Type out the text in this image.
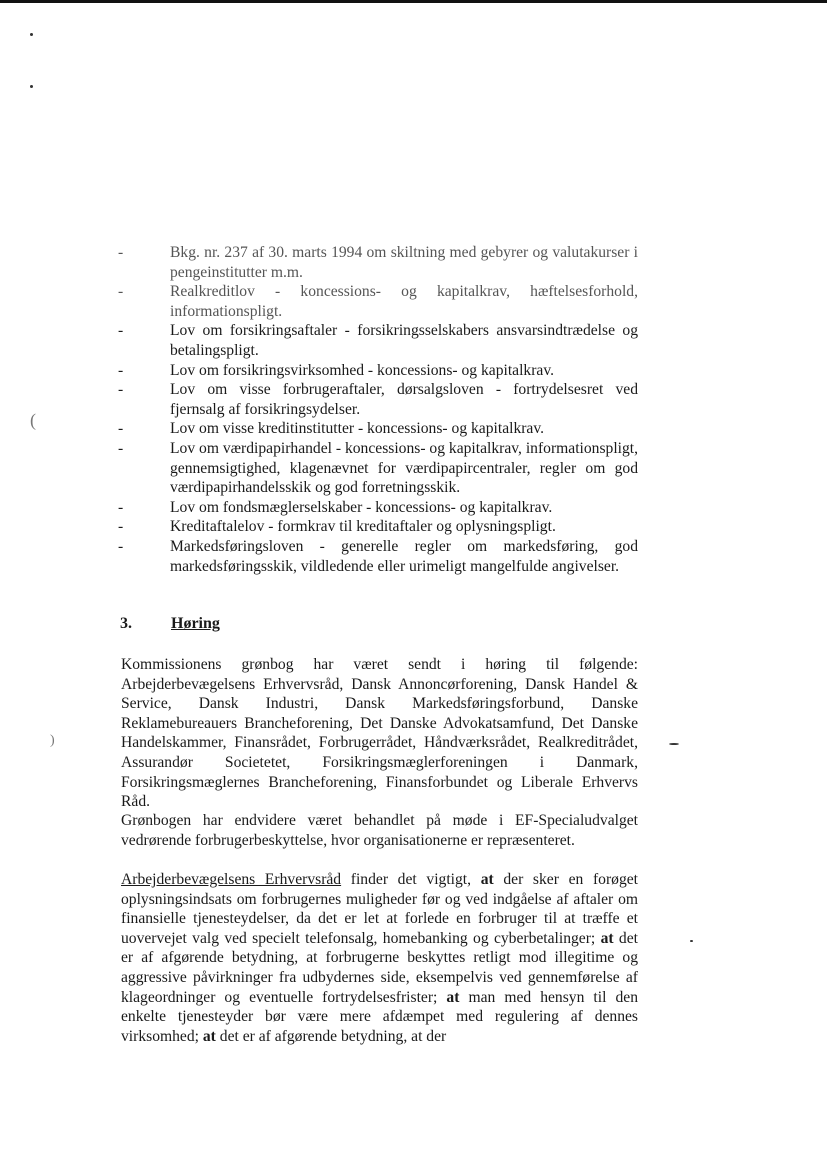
(
)
-	Bkg. nr. 237 af 30. marts 1994 om skiltning med gebyrer og valutakurser i pengeinstitutter m.m.
-	Realkreditlov - koncessions- og kapitalkrav, hæftelsesforhold, informationspligt.
-	Lov om forsikringsaftaler - forsikringsselskabers ansvarsindtrædelse og betalingspligt.
-	Lov om forsikringsvirksomhed - koncessions- og kapitalkrav.
-	Lov om visse forbrugeraftaler, dørsalgsloven - fortrydelsesret ved fjernsalg af forsikringsydelser.
-	Lov om visse kreditinstitutter - koncessions- og kapitalkrav.
-	Lov om værdipapirhandel - koncessions- og kapitalkrav, informationspligt, gennemsigtighed, klagenævnet for værdipapircentraler, regler om god værdipapirhandelsskik og god forretningsskik.
-	Lov om fondsmæglerselskaber - koncessions- og kapitalkrav.
-	Kreditaftalelov - formkrav til kreditaftaler og oplysningspligt.
-	Markedsføringsloven - generelle regler om markedsføring, god markedsføringsskik, vildledende eller urimeligt mangelfulde angivelser.
3. Høring

Kommissionens grønbog har været sendt i høring til følgende: Arbejderbevægelsens Erhvervsråd, Dansk Annoncørforening, Dansk Handel & Service, Dansk Industri, Dansk Markedsføringsforbund, Danske Reklamebureauers Brancheforening, Det Danske Advokatsamfund, Det Danske Handelskammer, Finansrådet, Forbrugerrådet, Håndværksrådet, Realkreditrådet, Assurandør Societetet, Forsikringsmæglerforeningen i Danmark, Forsikringsmæglernes Brancheforening, Finansforbundet og Liberale Erhvervs Råd.

Grønbogen har endvidere været behandlet på møde i EF-Specialudvalget vedrørende forbrugerbeskyttelse, hvor organisationerne er repræsenteret.

Arbejderbevægelsens Erhvervsråd finder det vigtigt, at der sker en forøget oplysningsindsats om forbrugernes muligheder før og ved indgåelse af aftaler om finansielle tjenesteydelser, da det er let at forlede en forbruger til at træffe et uovervejet valg ved specielt telefonsalg, homebanking og cyberbetalinger; at det er af afgørende betydning, at forbrugerne beskyttes retligt mod illegitime og aggressive påvirkninger fra udbydernes side, eksempelvis ved gennemførelse af klageordninger og eventuelle fortrydelsesfrister; at man med hensyn til den enkelte tjenesteyder bør være mere afdæmpet med regulering af dennes virksomhed; at det er af afgørende betydning, at der
